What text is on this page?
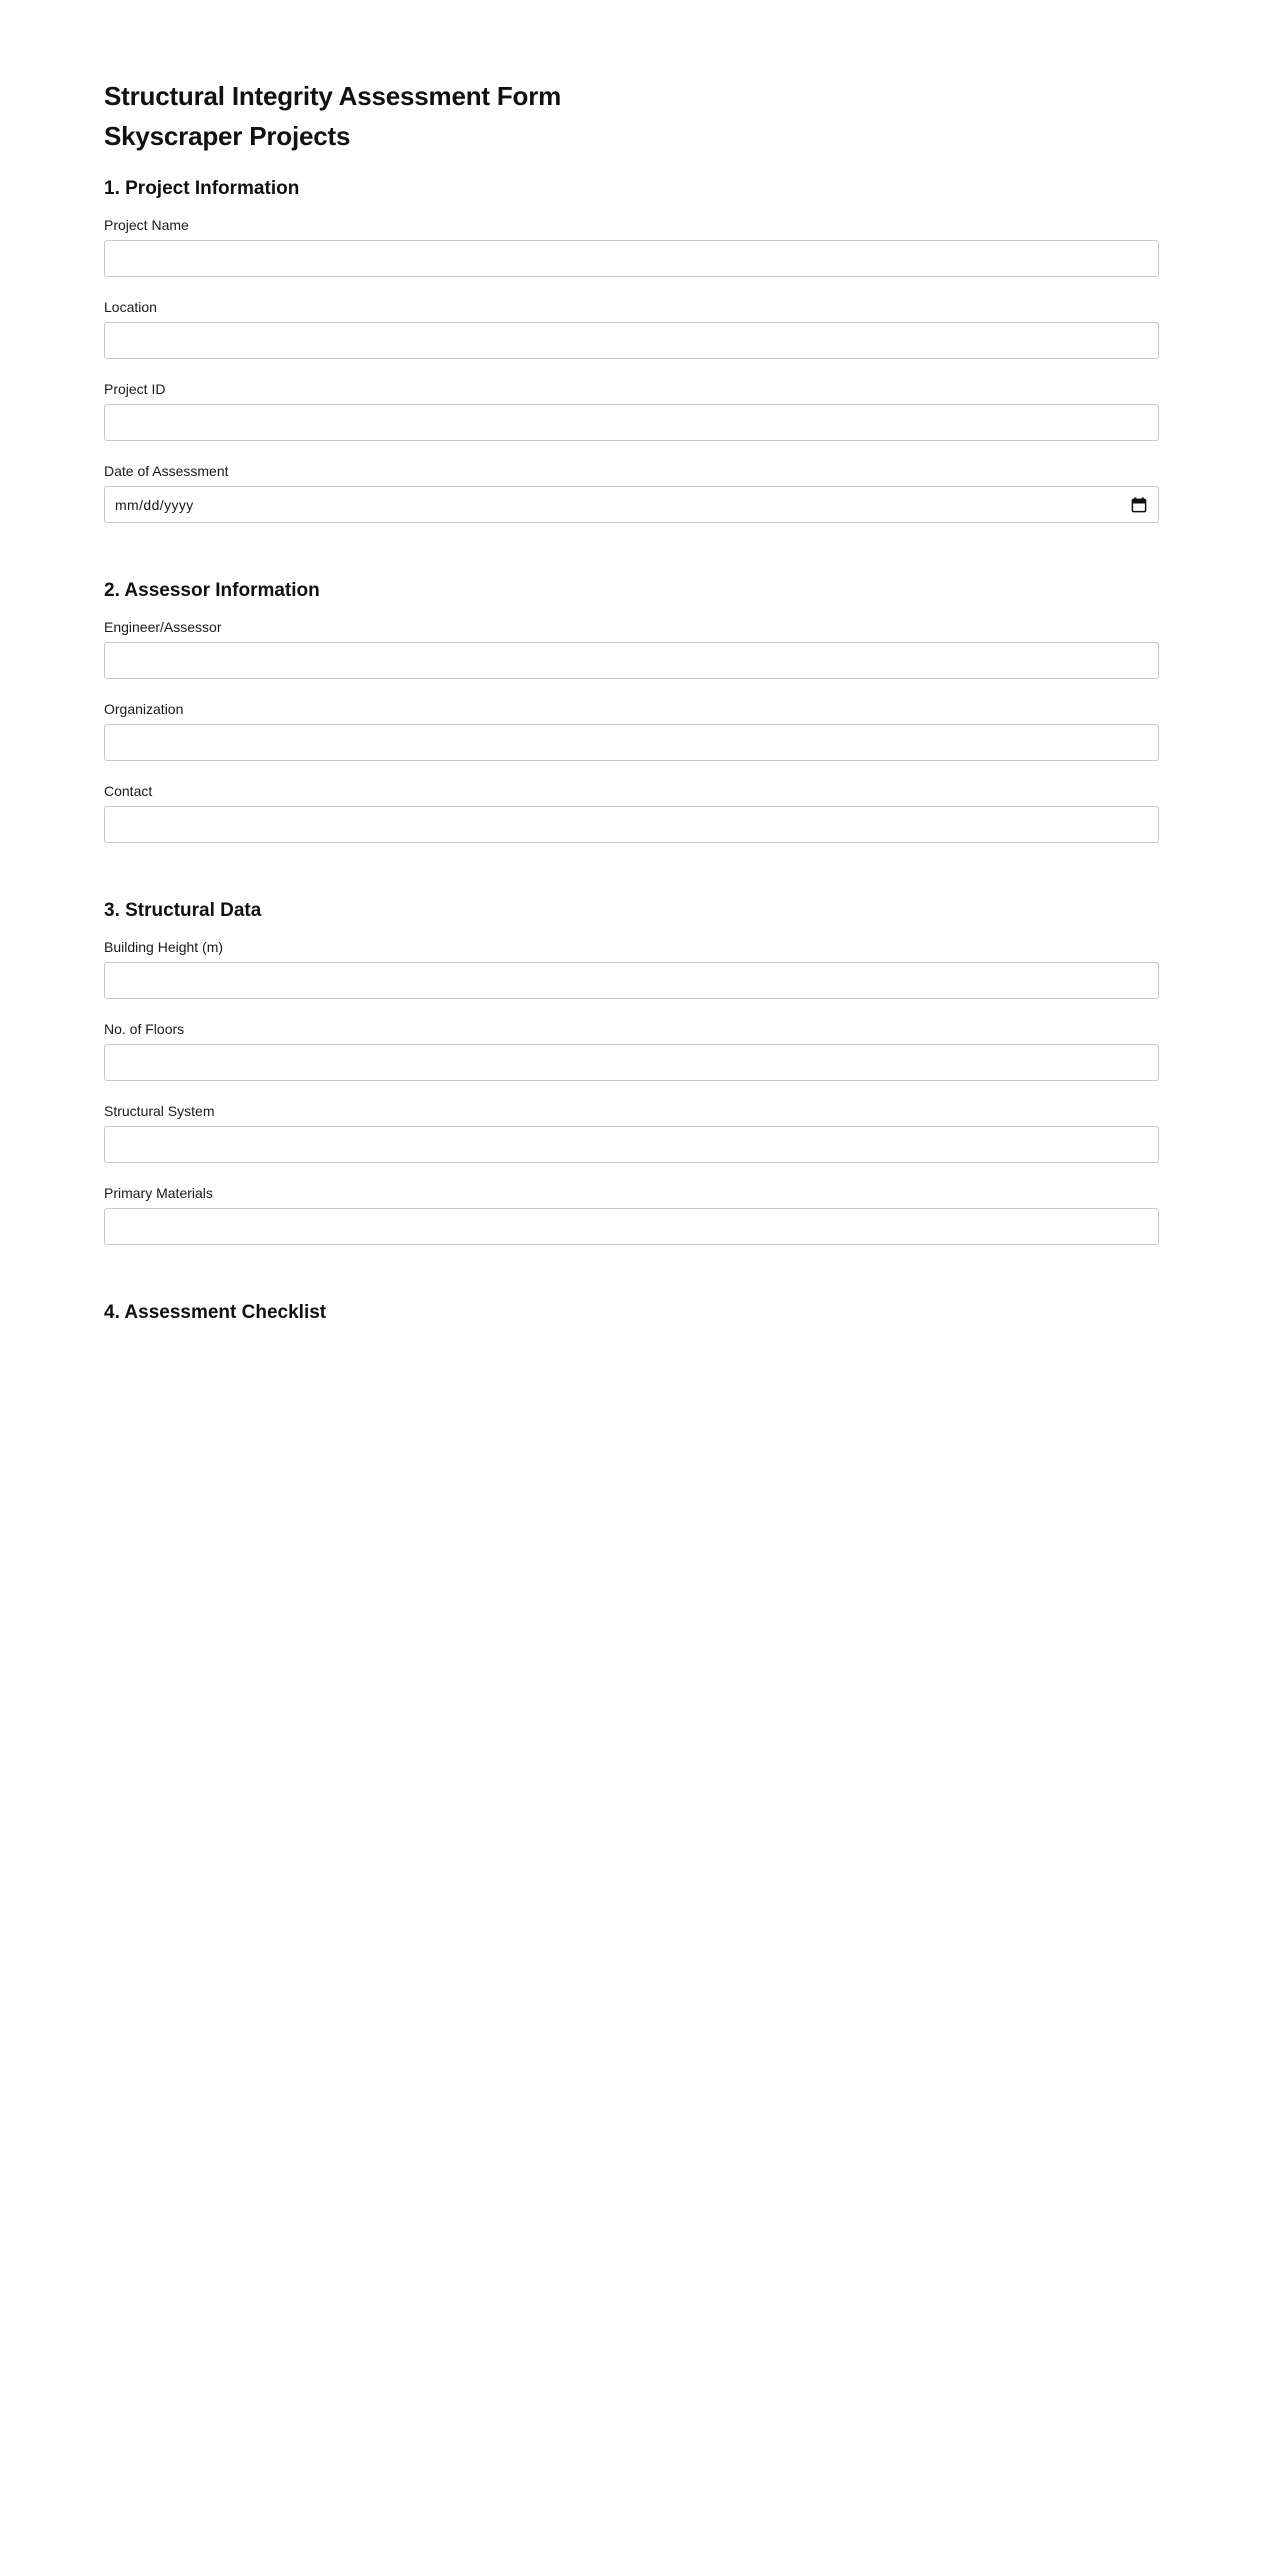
Structural Integrity Assessment Form
Skyscraper Projects
1. Project Information
Project Name
Location
Project ID
Date of Assessment
mm/dd/yyyy
2. Assessor Information
Engineer/Assessor
Organization
Contact
3. Structural Data
Building Height (m)
No. of Floors
Structural System
Primary Materials
4. Assessment Checklist
